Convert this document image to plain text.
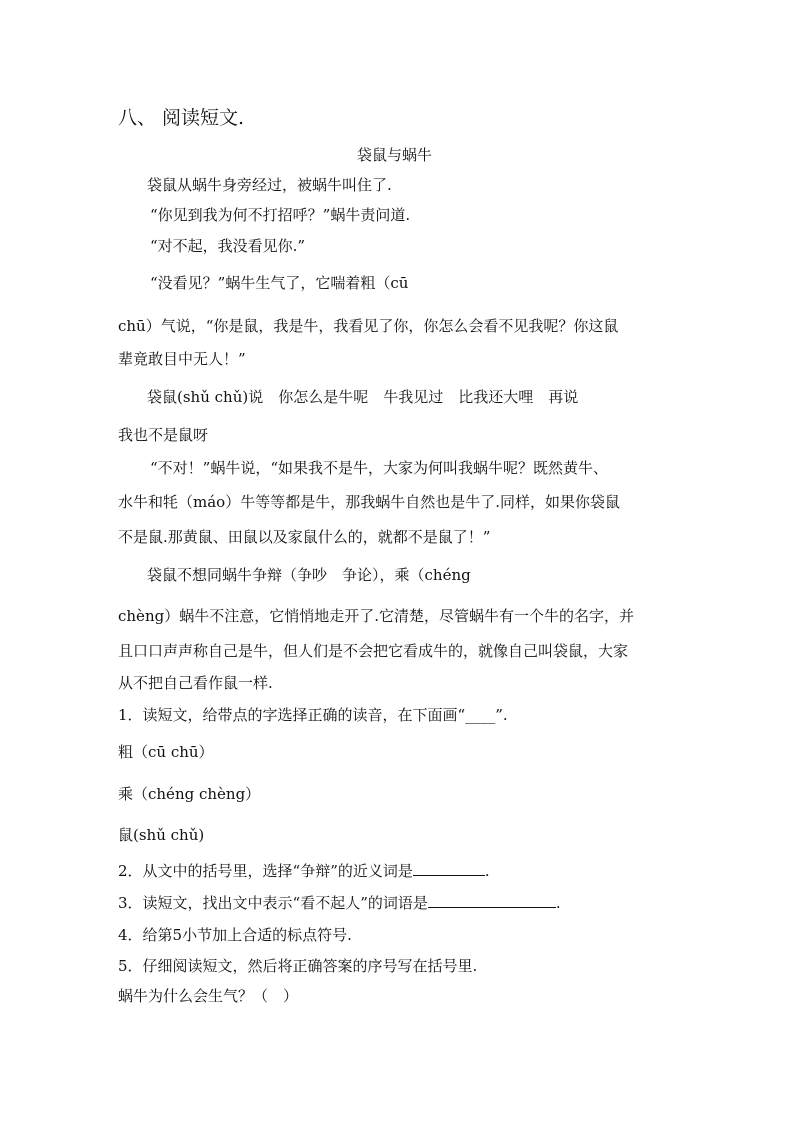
八、 阅读短文.
袋鼠与蜗牛
袋鼠从蜗牛身旁经过，被蜗牛叫住了.
“你见到我为何不打招呼？”蜗牛责问道.
“对不起，我没看见你.”
“没看见？”蜗牛生气了，它喘着粗（cū
chū）气说，“你是鼠，我是牛，我看见了你，你怎么会看不见我呢？你这鼠
辈竟敢目中无人！”
袋鼠(shǔ chǔ)说　你怎么是牛呢　牛我见过　比我还大哩　再说
我也不是鼠呀
“不对！”蜗牛说，“如果我不是牛，大家为何叫我蜗牛呢？既然黄牛、
水牛和牦（máo）牛等等都是牛，那我蜗牛自然也是牛了.同样，如果你袋鼠
不是鼠.那黄鼠、田鼠以及家鼠什么的，就都不是鼠了！”
袋鼠不想同蜗牛争辩（争吵　争论），乘（chéng
chèng）蜗牛不注意，它悄悄地走开了.它清楚，尽管蜗牛有一个牛的名字，并
且口口声声称自己是牛，但人们是不会把它看成牛的，就像自己叫袋鼠，大家
从不把自己看作鼠一样.
1．读短文，给带点的字选择正确的读音，在下面画“____”.
粗（cū chū）
乘（chéng chèng）
鼠(shǔ chǔ)
2．从文中的括号里，选择“争辩”的近义词是	.
3．读短文，找出文中表示“看不起人”的词语是	.
4．给第5小节加上合适的标点符号.
5．仔细阅读短文，然后将正确答案的序号写在括号里.
蜗牛为什么会生气？（　）
